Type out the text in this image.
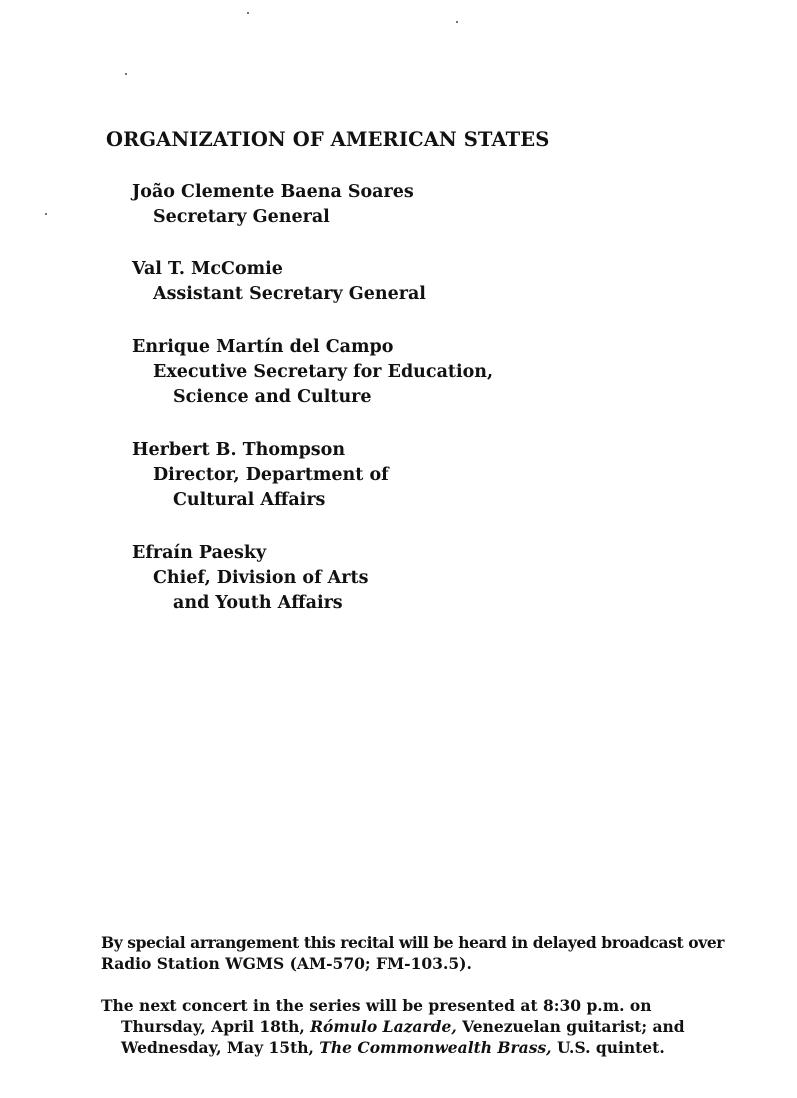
ORGANIZATION OF AMERICAN STATES
João Clemente Baena Soares
Secretary General
Val T. McComie
Assistant Secretary General
Enrique Martín del Campo
Executive Secretary for Education,
Science and Culture
Herbert B. Thompson
Director, Department of
Cultural Affairs
Efraín Paesky
Chief, Division of Arts
and Youth Affairs
By special arrangement this recital will be heard in delayed broadcast over
Radio Station WGMS (AM-570; FM-103.5).
The next concert in the series will be presented at 8:30 p.m. on
Thursday, April 18th, Rómulo Lazarde, Venezuelan guitarist; and
Wednesday, May 15th, The Commonwealth Brass, U.S. quintet.
